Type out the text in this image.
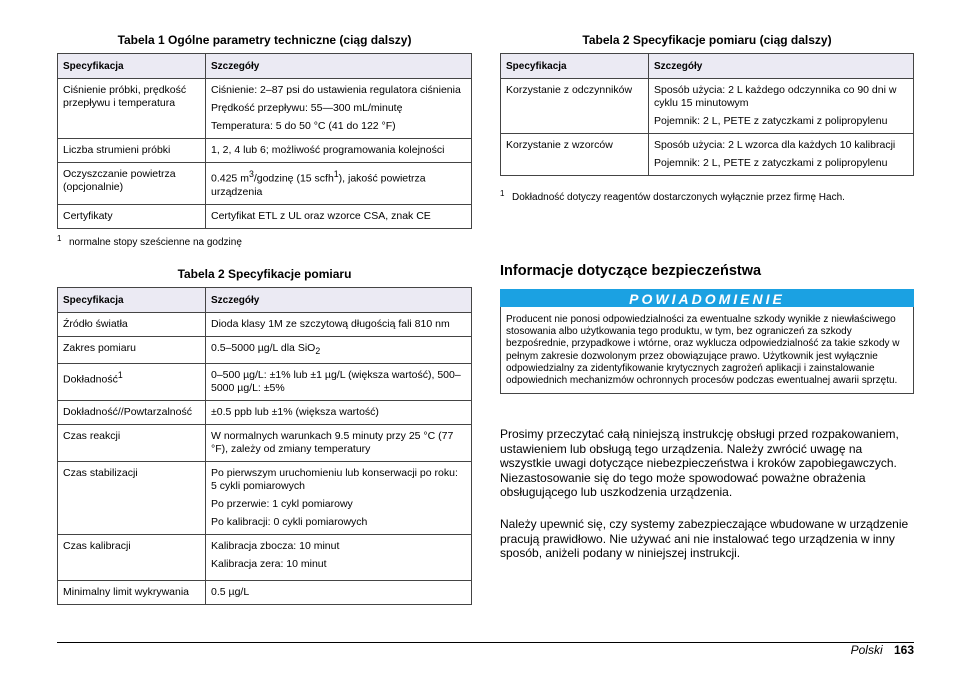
Tabela 1 Ogólne parametry techniczne (ciąg dalszy)
Specyfikacja	Szczegóły
Ciśnienie próbki, prędkość przepływu i temperatura	Ciśnienie: 2–87 psi do ustawienia regulatora ciśnienia

Prędkość przepływu: 55—300 mL/minutę

Temperatura: 5 do 50 °C (41 do 122 °F)

Liczba strumieni próbki	1, 2, 4 lub 6; możliwość programowania kolejności
Oczyszczanie powietrza (opcjonalnie)	0.425 $m^3$/godzinę (15 scfh$^1$), jakość powietrza urządzenia
Certyfikaty	Certyfikat ETL z UL oraz wzorce CSA, znak CE
1 normalne stopy sześcienne na godzinę
Tabela 2 Specyfikacje pomiaru
Specyfikacja	Szczegóły
Źródło światła	Dioda klasy 1M ze szczytową długością fali 810 nm
Zakres pomiaru	0.5–5000 µg/L dla SiO$_2$
Dokładność$^1$	0–500 µg/L: ±1% lub ±1 µg/L (większa wartość), 500–5000 µg/L: ±5%
Dokładność//Powtarzalność	±0.5 ppb lub ±1% (większa wartość)
Czas reakcji	W normalnych warunkach 9.5 minuty przy 25 °C (77 °F), zależy od zmiany temperatury
Czas stabilizacji	Po pierwszym uruchomieniu lub konserwacji po roku: 5 cykli pomiarowych

Po przerwie: 1 cykl pomiarowy

Po kalibracji: 0 cykli pomiarowych

Czas kalibracji	Kalibracja zbocza: 10 minut

Kalibracja zera: 10 minut

Minimalny limit wykrywania	0.5 µg/L
Tabela 2 Specyfikacje pomiaru (ciąg dalszy)
Specyfikacja	Szczegóły
Korzystanie z odczynników	Sposób użycia: 2 L każdego odczynnika co 90 dni w cyklu 15 minutowym

Pojemnik: 2 L, PETE z zatyczkami z polipropylenu

Korzystanie z wzorców	Sposób użycia: 2 L wzorca dla każdych 10 kalibracji

Pojemnik: 2 L, PETE z zatyczkami z polipropylenu

1 Dokładność dotyczy reagentów dostarczonych wyłącznie przez firmę Hach.
Informacje dotyczące bezpieczeństwa
POWIADOMIENIE
Producent nie ponosi odpowiedzialności za ewentualne szkody wynikłe z niewłaściwego stosowania albo użytkowania tego produktu, w tym, bez ograniczeń za szkody bezpośrednie, przypadkowe i wtórne, oraz wyklucza odpowiedzialność za takie szkody w pełnym zakresie dozwolonym przez obowiązujące prawo. Użytkownik jest wyłącznie odpowiedzialny za zidentyfikowanie krytycznych zagrożeń aplikacji i zainstalowanie odpowiednich mechanizmów ochronnych procesów podczas ewentualnej awarii sprzętu.

Prosimy przeczytać całą niniejszą instrukcję obsługi przed rozpakowaniem, ustawieniem lub obsługą tego urządzenia. Należy zwrócić uwagę na wszystkie uwagi dotyczące niebezpieczeństwa i kroków zapobiegawczych. Niezastosowanie się do tego może spowodować poważne obrażenia obsługującego lub uszkodzenia urządzenia.

Należy upewnić się, czy systemy zabezpieczające wbudowane w urządzenie pracują prawidłowo. Nie używać ani nie instalować tego urządzenia w inny sposób, aniżeli podany w niniejszej instrukcji.

Polski 163
